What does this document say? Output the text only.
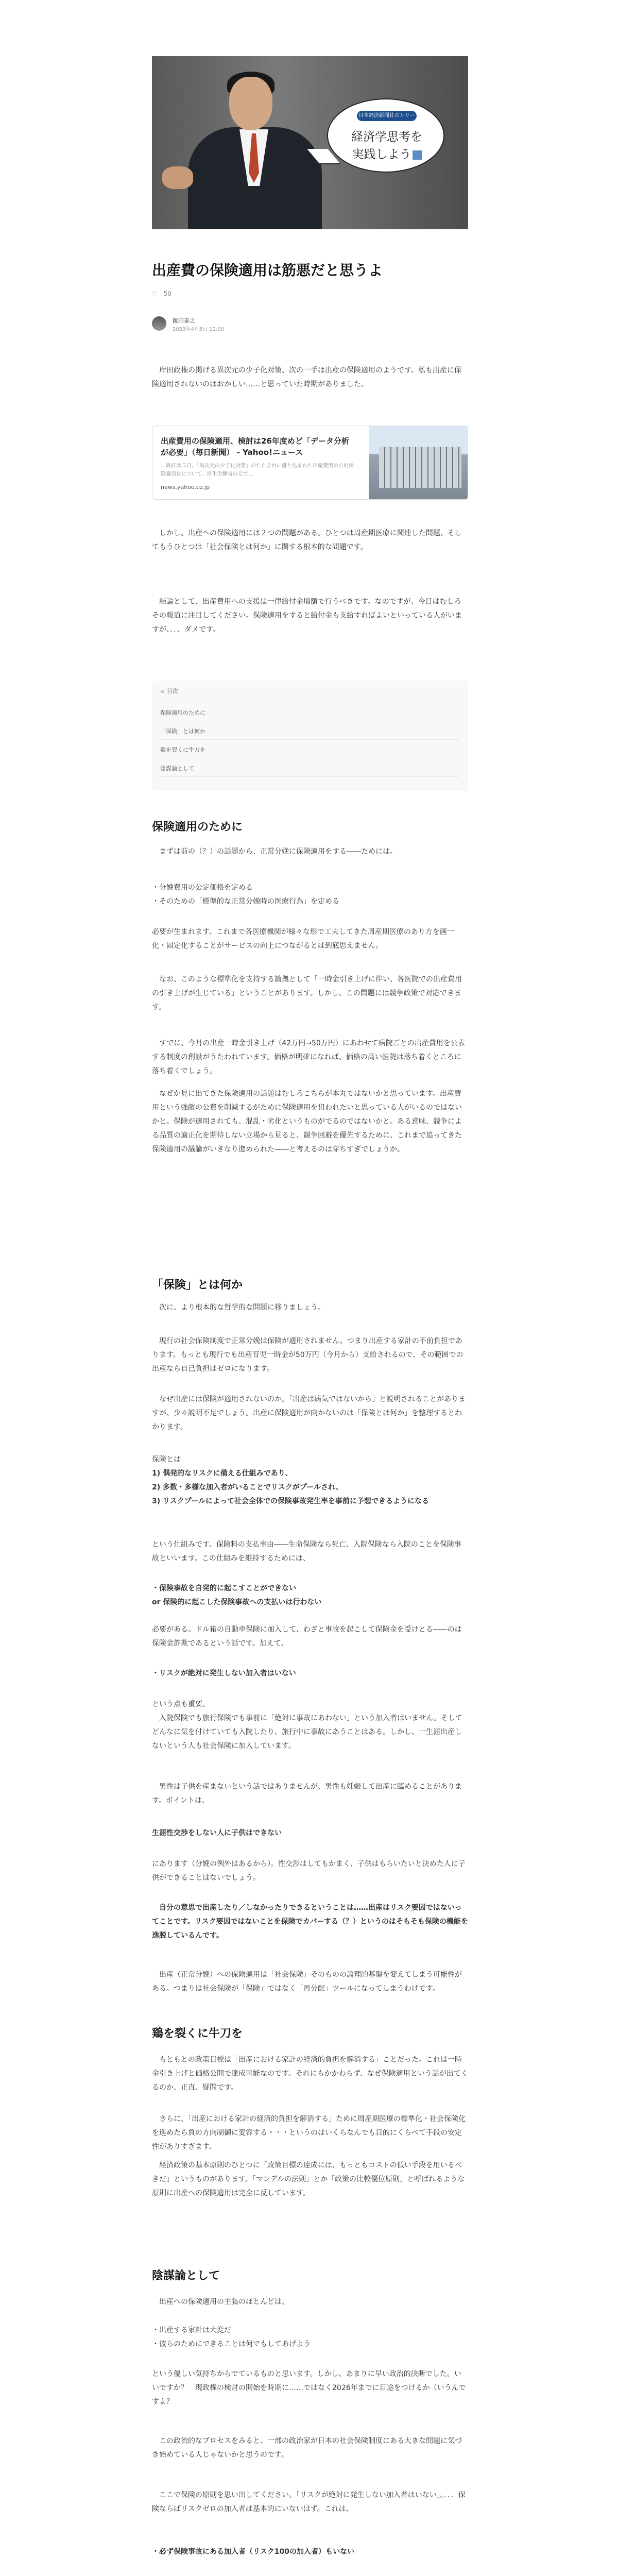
日本経済新聞社のシリーズ
経済学思考を
実践しよう
出産費の保険適用は筋悪だと思うよ
♡ 50
飯田泰之
2023年4月5日 12:00

　岸田政権の掲げる異次元の少子化対策、次の一手は出産の保険適用のようです。私も出産に保険適用されないのはおかしい……と思っていた時期がありました。

出産費用の保険適用、検討は26年度めど「データ分析が必要」（毎日新聞） - Yahoo!ニュース
…政府は５日、「異次元の少子化対策」のたたき台に盛り込まれた出産費用の公的保険適用化について、厚生労働省の元で…
news.yahoo.co.jp

　しかし、出産への保険適用には２つの問題がある。ひとつは周産期医療に関連した問題、そしてもうひとつは「社会保険とは何か」に関する根本的な問題です。

　結論として、出産費用への支援は一律給付金増額で行うべきです。なのですが、今日はむしろその報道に注目してください。保険適用をすると給付金も支給すればよいといっている人がいますが、．．．ダメです。

≡ 目次
保険適用のために
「保険」とは何か
鶏を裂くに牛刀を
陰謀論として
保険適用のために

　まずは前の（？）の話題から、正常分娩に保険適用をする――ためには。

・分娩費用の公定価格を定める

・そのための「標準的な正常分娩時の医療行為」を定める

必要が生まれます。これまで各医療機関が様々な形で工夫してきた周産期医療のあり方を画一化・固定化することがサービスの向上につながるとは到底思えません。

　なお、このような標準化を支持する論拠として「一時金引き上げに伴い、各医院での出産費用の引き上げが生じている」ということがあります。しかし、この問題には競争政策で対応できます。

　すでに、今月の出産一時金引き上げ（42万円→50万円）にあわせて病院ごとの出産費用を公表する制度の創設がうたわれています。価格が明確になれば、価格の高い医院は落ち着くところに落ち着くでしょう。

　なぜか見に出てきた保険適用の話題はむしろこちらが本丸ではないかと思っています。出産費用という強敵の公費を削減するがために保険適用を狙われたいと思っている人がいるのではないかと。保険が適用されても、混乱・劣化というものがでるのではないかと。ある意味、競争による品質の適正化を期待しない立場から見ると、競争回避を優先するために、これまで追ってきた保険適用の議論がいきなり進められた――と考えるのは穿ちすぎでしょうか。

「保険」とは何か

　次に、より根本的な哲学的な問題に移りましょう。

　現行の社会保険制度で正常分娩は保険が適用されません。つまり出産する家計の不前負担であります。もっとも現行でも出産育児一時金が50万円（今月から）支給されるので、その範囲での出産なら自己負担はゼロになります。

　なぜ出産には保険が適用されないのか。「出産は病気ではないから」と説明されることがありますが、少々説明不足でしょう。出産に保険適用が向かないのは「保険とは何か」を整理するとわかります。

保険とは

1) 偶発的なリスクに備える仕組みであり、

2) 多数・多様な加入者がいることでリスクがプールされ、

3) リスクプールによって社会全体での保険事故発生率を事前に予想できるようになる

という仕組みです。保険料の支払事由――生命保険なら死亡、入院保険なら入院のことを保険事故といいます。この仕組みを維持するためには、

・保険事故を自発的に起こすことができない

or 保険的に起こした保険事故への支払いは行わない

必要がある。ドル箱の自動車保険に加入して、わざと事故を起こして保険金を受けとる――のは保険金詐欺であるという話です。加えて、

・リスクが絶対に発生しない加入者はいない

という点も重要。

　入院保険でも旅行保険でも事前に「絶対に事故にあわない」という加入者はいません。そしてどんなに気を付けていても入院したり、旅行中に事故にあうことはある。しかし、一生涯出産しないという人も社会保険に加入しています。

　男性は子供を産まないという話ではありませんが、男性も妊娠して出産に臨めることがあります。ポイントは、

生涯性交渉をしない人に子供はできない

にあります（分娩の例外はあるから）。性交渉はしてもかまく、子供はもらいたいと決めた人に子供ができることはないでしょう。

　自分の意思で出産したり／しなかったりできるということは……出産はリスク要因ではないってことです。リスク要因ではないことを保険でカバーする（？）というのはそもそも保険の機能を逸脱しているんです。

　出産（正常分娩）への保険適用は「社会保険」そのものの論理的基盤を変えてしまう可能性がある。つまりは社会保険が「保険」ではなく「再分配」ツールになってしまうわけです。

鶏を裂くに牛刀を

　もともとの政策目標は「出産における家計の経済的負担を解消する」ことだった。これは一時金引き上げと価格公開で達成可能なのです。それにもかかわらず、なぜ保険適用という話が出てくるのか、正直、疑問です。

　さらに、「出産における家計の経済的負担を解消する」ために周産期医療の標準化・社会保険化を進めたら負の方向制御に変容する・・・というのはいくらなんでも目的にくらべて手段の安定性がありすぎます。

　経済政策の基本原則のひとつに「政策目標の達成には、もっともコストの低い手段を用いるべきだ」というものがあります。「マンデルの法則」とか「政策の比較優位原則」と呼ばれるような原則に出産への保険適用は完全に反しています。

陰謀論として

　出産への保険適用の主張のほとんどは、

・出産する家計は大変だ

・彼らのためにできることは何でもしてあげよう

という優しい気持ちからでているものと思います。しかし、あまりに早い政治的決断でした。いいですか？　現政権の検討の開始を時期に……ではなく2026年までに目途をつけるか（いうんですよ？

　この政治的なプロセスをみると、一部の政治家が日本の社会保険制度にある大きな問題に気づき始めている人じゃないかと思うのです。

　ここで保険の原則を思い出してください。「リスクが絶対に発生しない加入者はいない」。．．．保険ならばリスクゼロの加入者は基本的にいないはず。これは、

・必ず保険事故にある加入者（リスク100の加入者）もいない
